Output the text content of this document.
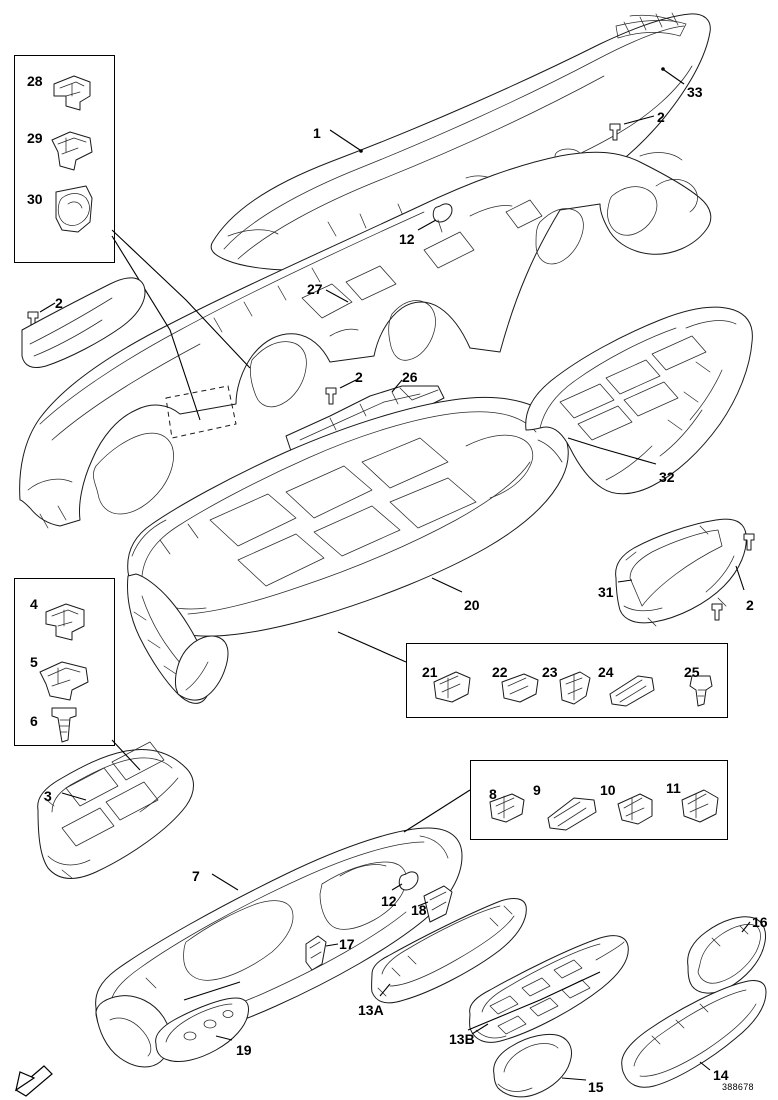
28
29
30
33
2
1
12
27
2
2	26
32
20
31
2
4
5
6
21	22 23	24	25
8	9	10	11
3
7
12
18
17
16
13A
13B
19
15
14
388678
